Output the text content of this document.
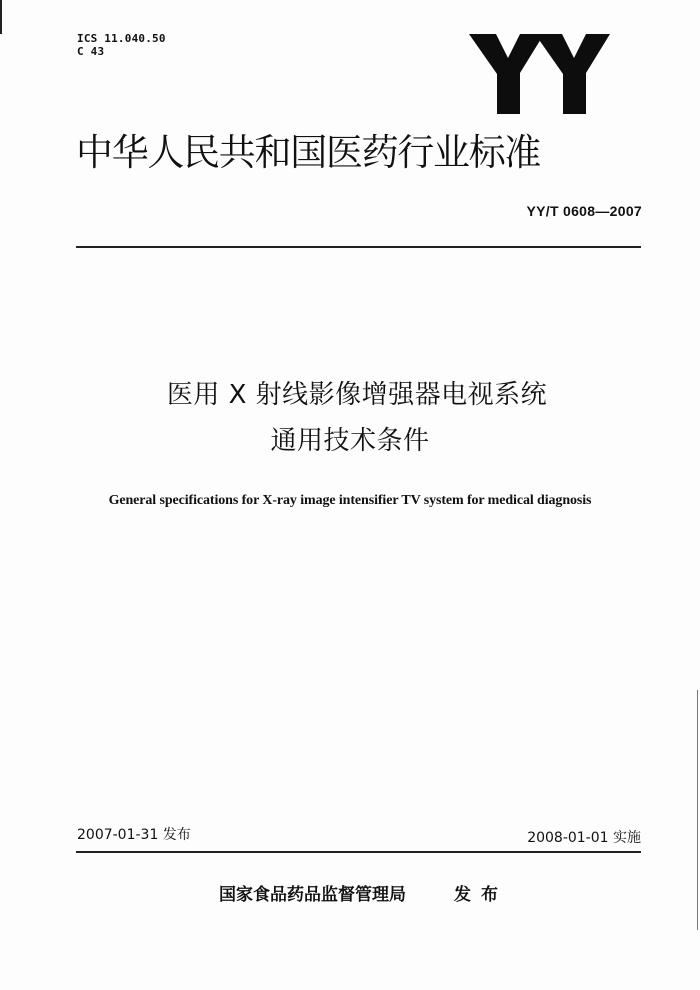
ICS 11.040.50
C 43
中华人民共和国医药行业标准
YY/T 0608—2007
医用 X 射线影像增强器电视系统
通用技术条件
General specifications for X-ray image intensifier TV system for medical diagnosis
2007-01-31 发布	2008-01-01 实施
国家食品药品监督管理局	发布
